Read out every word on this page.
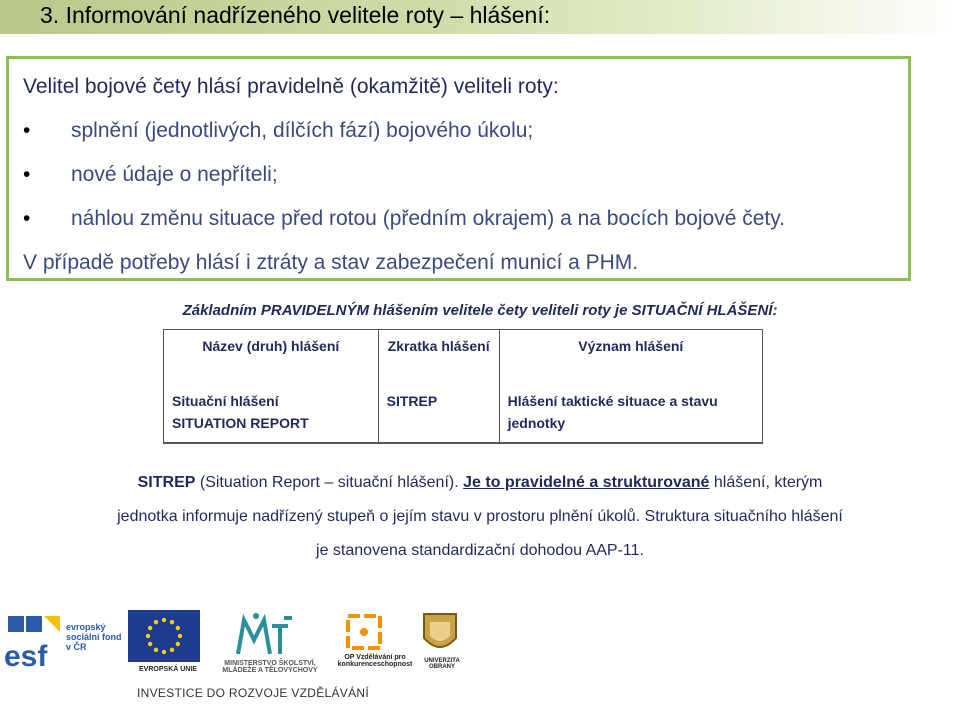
3. Informování nadřízeného velitele roty – hlášení:
Velitel bojové čety hlásí pravidelně (okamžitě) veliteli roty:
• splnění (jednotlivých, dílčích fází) bojového úkolu;
• nové údaje o nepříteli;
• náhlou změnu situace před rotou (předním okrajem) a na bocích bojové čety.
V případě potřeby hlásí i ztráty a stav zabezpečení municí a PHM.
Základním PRAVIDELNÝM hlášením velitele čety veliteli roty je SITUAČNÍ HLÁŠENÍ:
Název (druh) hlášení	Zkratka hlášení	Význam hlášení

Situační hlášení
SITUATION REPORT	SITREP	Hlášení taktické situace a stavu jednotky
SITREP (Situation Report – situační hlášení). Je to pravidelné a strukturované hlášení, kterým
jednotka informuje nadřízený stupeň o jejím stavu v prostoru plnění úkolů. Struktura situačního hlášení
je stanovena standardizační dohodou AAP-11.
esf
evropský sociální fond v ČR
EVROPSKÁ UNIE
MINISTERSTVO ŠKOLSTVÍ, MLÁDEŽE A TĚLOVÝCHOVY
OP Vzdělávání pro konkurenceschopnost	UNIVERZITA OBRANY
INVESTICE DO ROZVOJE VZDĚLÁVÁNÍ
